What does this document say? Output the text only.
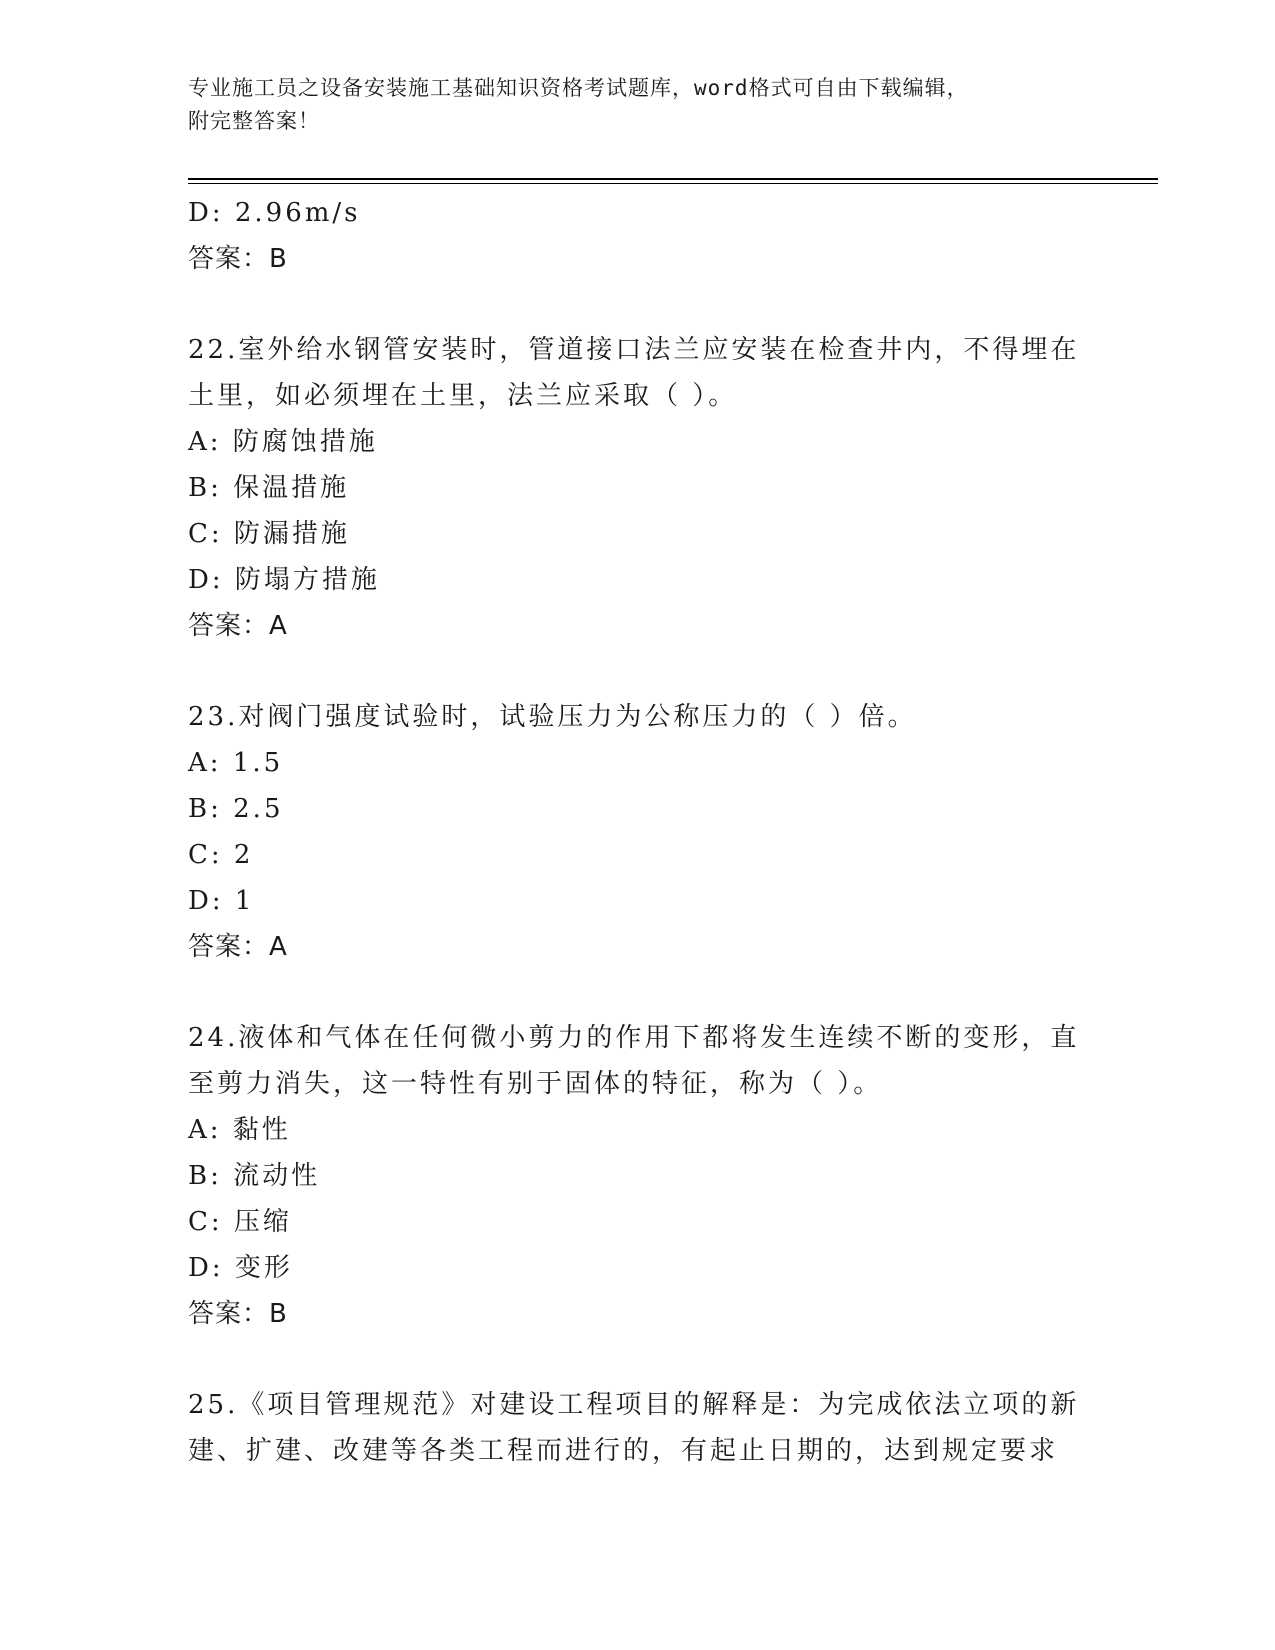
专业施工员之设备安装施工基础知识资格考试题库，word格式可自由下载编辑，
附完整答案！
D: 2.96m/s
答案：B
22.室外给水钢管安装时，管道接口法兰应安装在检查井内，不得埋在
土里，如必须埋在土里，法兰应采取（ ）。
A: 防腐蚀措施
B: 保温措施
C: 防漏措施
D: 防塌方措施
答案：A
23.对阀门强度试验时，试验压力为公称压力的（ ）倍。
A: 1.5
B: 2.5
C: 2
D: 1
答案：A
24.液体和气体在任何微小剪力的作用下都将发生连续不断的变形，直
至剪力消失，这一特性有别于固体的特征，称为（ ）。
A: 黏性
B: 流动性
C: 压缩
D: 变形
答案：B
25.《项目管理规范》对建设工程项目的解释是：为完成依法立项的新
建、扩建、改建等各类工程而进行的，有起止日期的，达到规定要求
